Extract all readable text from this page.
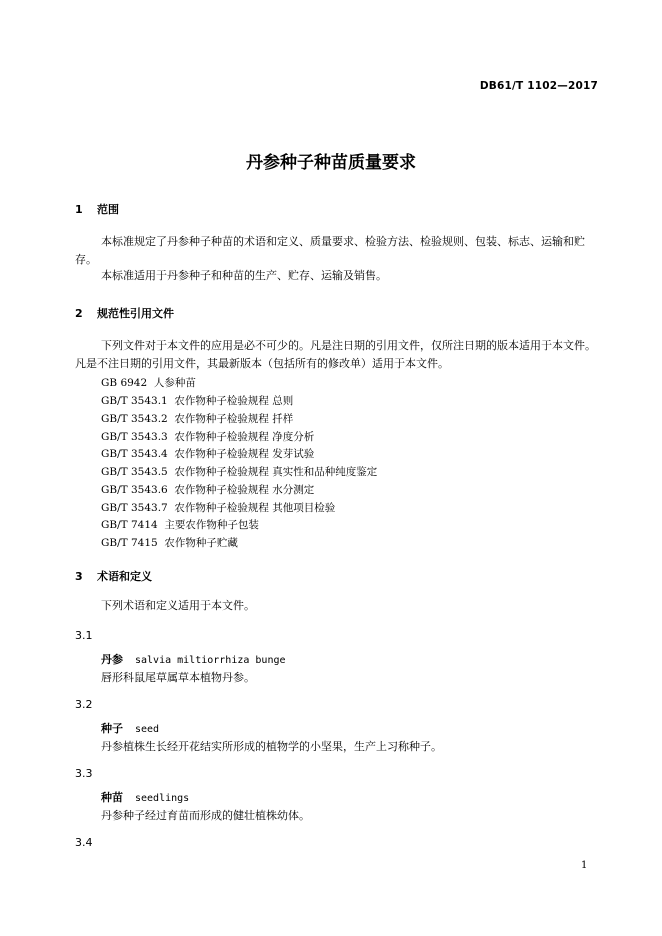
DB61/T 1102—2017
丹参种子种苗质量要求
1 范围
本标准规定了丹参种子种苗的术语和定义、质量要求、检验方法、检验规则、包装、标志、运输和贮存。
本标准适用于丹参种子和种苗的生产、贮存、运输及销售。
2 规范性引用文件
下列文件对于本文件的应用是必不可少的。凡是注日期的引用文件，仅所注日期的版本适用于本文件。凡是不注日期的引用文件，其最新版本（包括所有的修改单）适用于本文件。
GB 6942  人参种苗
GB/T 3543.1  农作物种子检验规程 总则
GB/T 3543.2  农作物种子检验规程 扦样
GB/T 3543.3  农作物种子检验规程 净度分析
GB/T 3543.4  农作物种子检验规程 发芽试验
GB/T 3543.5  农作物种子检验规程 真实性和品种纯度鉴定
GB/T 3543.6  农作物种子检验规程 水分测定
GB/T 3543.7  农作物种子检验规程 其他项目检验
GB/T 7414  主要农作物种子包装
GB/T 7415  农作物种子贮藏
3 术语和定义
下列术语和定义适用于本文件。
3.1
丹参 salvia miltiorrhiza bunge
唇形科鼠尾草属草本植物丹参。
3.2
种子 seed
丹参植株生长经开花结实所形成的植物学的小坚果，生产上习称种子。
3.3
种苗 seedlings
丹参种子经过育苗而形成的健壮植株幼体。
3.4
1
